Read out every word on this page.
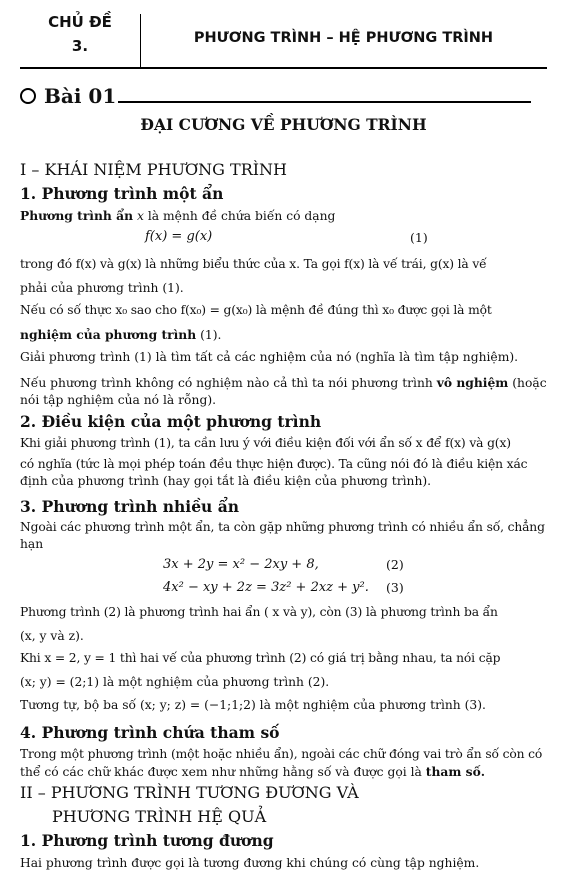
CHỦ ĐỀ
3.	PHƯƠNG TRÌNH – HỆ PHƯƠNG TRÌNH
Bài 01
ĐẠI CƯƠNG VỀ PHƯƠNG TRÌNH
I – KHÁI NIỆM PHƯƠNG TRÌNH
1. Phương trình một ẩn
Phương trình ẩn x là mệnh đề chứa biến có dạng
f(x) = g(x)	(1)
trong đó f(x) và g(x) là những biểu thức của x. Ta gọi f(x) là vế trái, g(x) là vế
phải của phương trình (1).
Nếu có số thực x₀ sao cho f(x₀) = g(x₀) là mệnh đề đúng thì x₀ được gọi là một
nghiệm của phương trình (1).
Giải phương trình (1) là tìm tất cả các nghiệm của nó (nghĩa là tìm tập nghiệm).
Nếu phương trình không có nghiệm nào cả thì ta nói phương trình vô nghiệm (hoặc
nói tập nghiệm của nó là rỗng).
2. Điều kiện của một phương trình
Khi giải phương trình (1), ta cần lưu ý với điều kiện đối với ẩn số x để f(x) và g(x)
có nghĩa (tức là mọi phép toán đều thực hiện được). Ta cũng nói đó là điều kiện xác
định của phương trình (hay gọi tắt là điều kiện của phương trình).
3. Phương trình nhiều ẩn
Ngoài các phương trình một ẩn, ta còn gặp những phương trình có nhiều ẩn số, chẳng
hạn
3x + 2y = x² − 2xy + 8,	(2)
4x² − xy + 2z = 3z² + 2xz + y². (3)
Phương trình (2) là phương trình hai ẩn ( x và y), còn (3) là phương trình ba ẩn
(x, y và z).
Khi x = 2, y = 1 thì hai vế của phương trình (2) có giá trị bằng nhau, ta nói cặp
(x; y) = (2;1) là một nghiệm của phương trình (2).
Tương tự, bộ ba số (x; y; z) = (−1;1;2) là một nghiệm của phương trình (3).
4. Phương trình chứa tham số
Trong một phương trình (một hoặc nhiều ẩn), ngoài các chữ đóng vai trò ẩn số còn có
thể có các chữ khác được xem như những hằng số và được gọi là tham số.
II – PHƯƠNG TRÌNH TƯƠNG ĐƯƠNG VÀ
PHƯƠNG TRÌNH HỆ QUẢ
1. Phương trình tương đương
Hai phương trình được gọi là tương đương khi chúng có cùng tập nghiệm.
